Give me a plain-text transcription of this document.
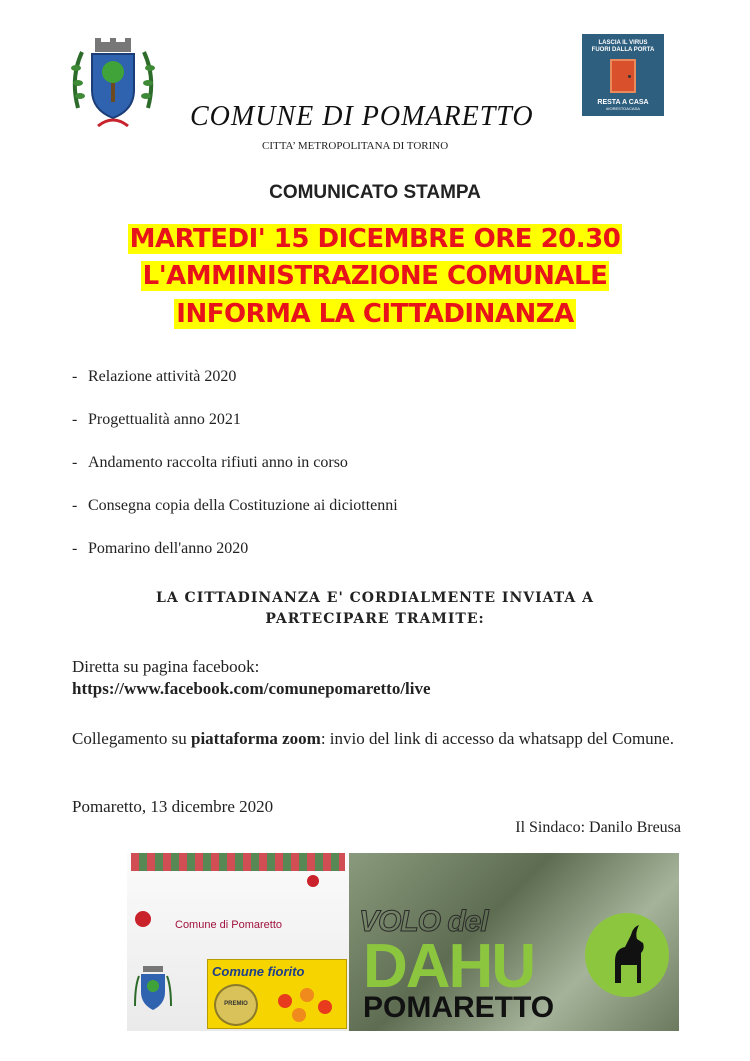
LASCIA IL VIRUS
FUORI DALLA PORTA
RESTA A CASA
#IORESTOACASA
COMUNE DI POMARETTO
CITTA’ METROPOLITANA DI TORINO
COMUNICATO STAMPA
MARTEDI' 15 DICEMBRE ORE 20.30
L'AMMINISTRAZIONE COMUNALE
INFORMA LA CITTADINANZA
- Relazione attività 2020
- Progettualità anno 2021
- Andamento raccolta rifiuti anno in corso
- Consegna copia della Costituzione ai diciottenni
- Pomarino dell'anno 2020
LA CITTADINANZA E' CORDIALMENTE INVIATA A
PARTECIPARE TRAMITE:
Diretta su pagina facebook:
https://www.facebook.com/comunepomaretto/live
Collegamento su piattaforma zoom: invio del link di accesso da whatsapp del Comune.
Pomaretto, 13 dicembre 2020
Il Sindaco: Danilo Breusa
Comune di Pomaretto
Comune fiorito
PREMIO
VOLO del
DAHU
POMARETTO
